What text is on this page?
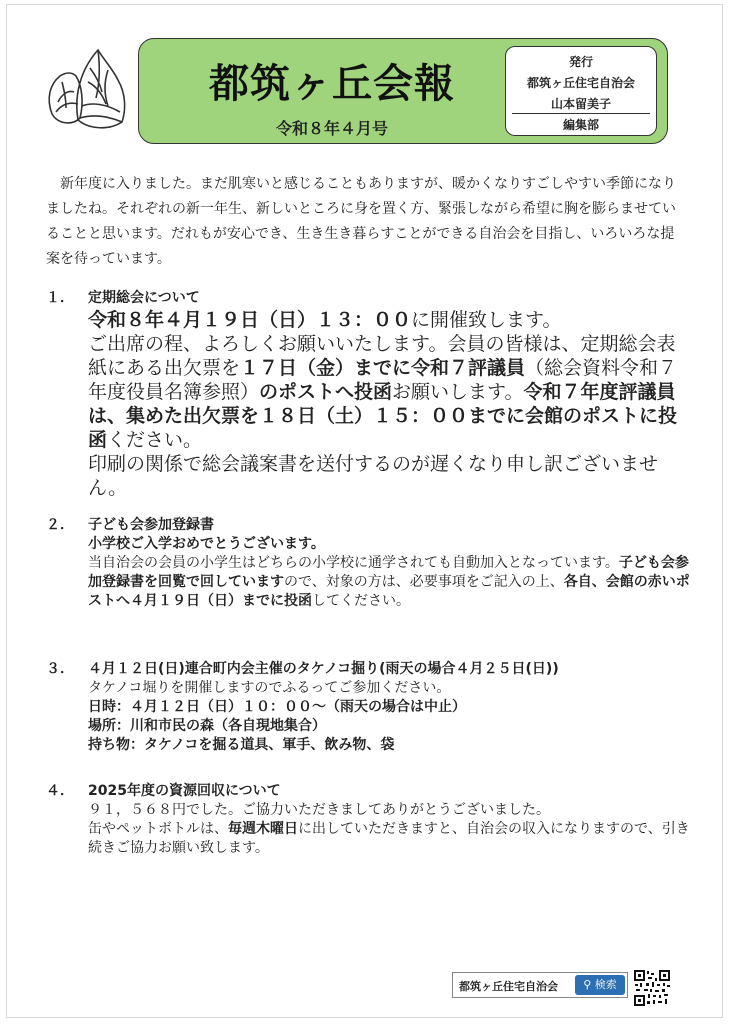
都筑ヶ丘会報
令和８年４月号
発行
都筑ヶ丘住宅自治会
山本留美子
編集部
新年度に入りました。まだ肌寒いと感じることもありますが、暖かくなりすごしやすい季節になりましたね。それぞれの新一年生、新しいところに身を置く方、緊張しながら希望に胸を膨らませていることと思います。だれもが安心でき、生き生き暮らすことができる自治会を目指し、いろいろな提案を待っています。
１． 定期総会について
令和８年４月１９日（日）１３：００に開催致します。
ご出席の程、よろしくお願いいたします。会員の皆様は、定期総会表紙にある出欠票を１７日（金）までに令和７評議員（総会資料令和７年度役員名簿参照）のポストへ投函お願いします。令和７年度評議員は、集めた出欠票を１８日（土）１５：００までに会館のポストに投函ください。
印刷の関係で総会議案書を送付するのが遅くなり申し訳ございません。
２． 子ども会参加登録書
小学校ご入学おめでとうございます。
当自治会の会員の小学生はどちらの小学校に通学されても自動加入となっています。子ども会参加登録書を回覧で回していますので、対象の方は、必要事項をご記入の上、各自、会館の赤いポストへ４月１９日（日）までに投函してください。
３． ４月１２日(日)連合町内会主催のタケノコ掘り(雨天の場合４月２５日(日))
タケノコ堀りを開催しますのでふるってご参加ください。
日時：４月１２日（日）１０：００～（雨天の場合は中止）
場所：川和市民の森（各自現地集合）
持ち物：タケノコを掘る道具、軍手、飲み物、袋
４． 2025年度の資源回収について
９１，５６８円でした。ご協力いただきましてありがとうございました。
缶やペットボトルは、毎週木曜日に出していただきますと、自治会の収入になりますので、引き続きご協力お願い致します。
都筑ヶ丘住宅自治会	⚲ 検索
